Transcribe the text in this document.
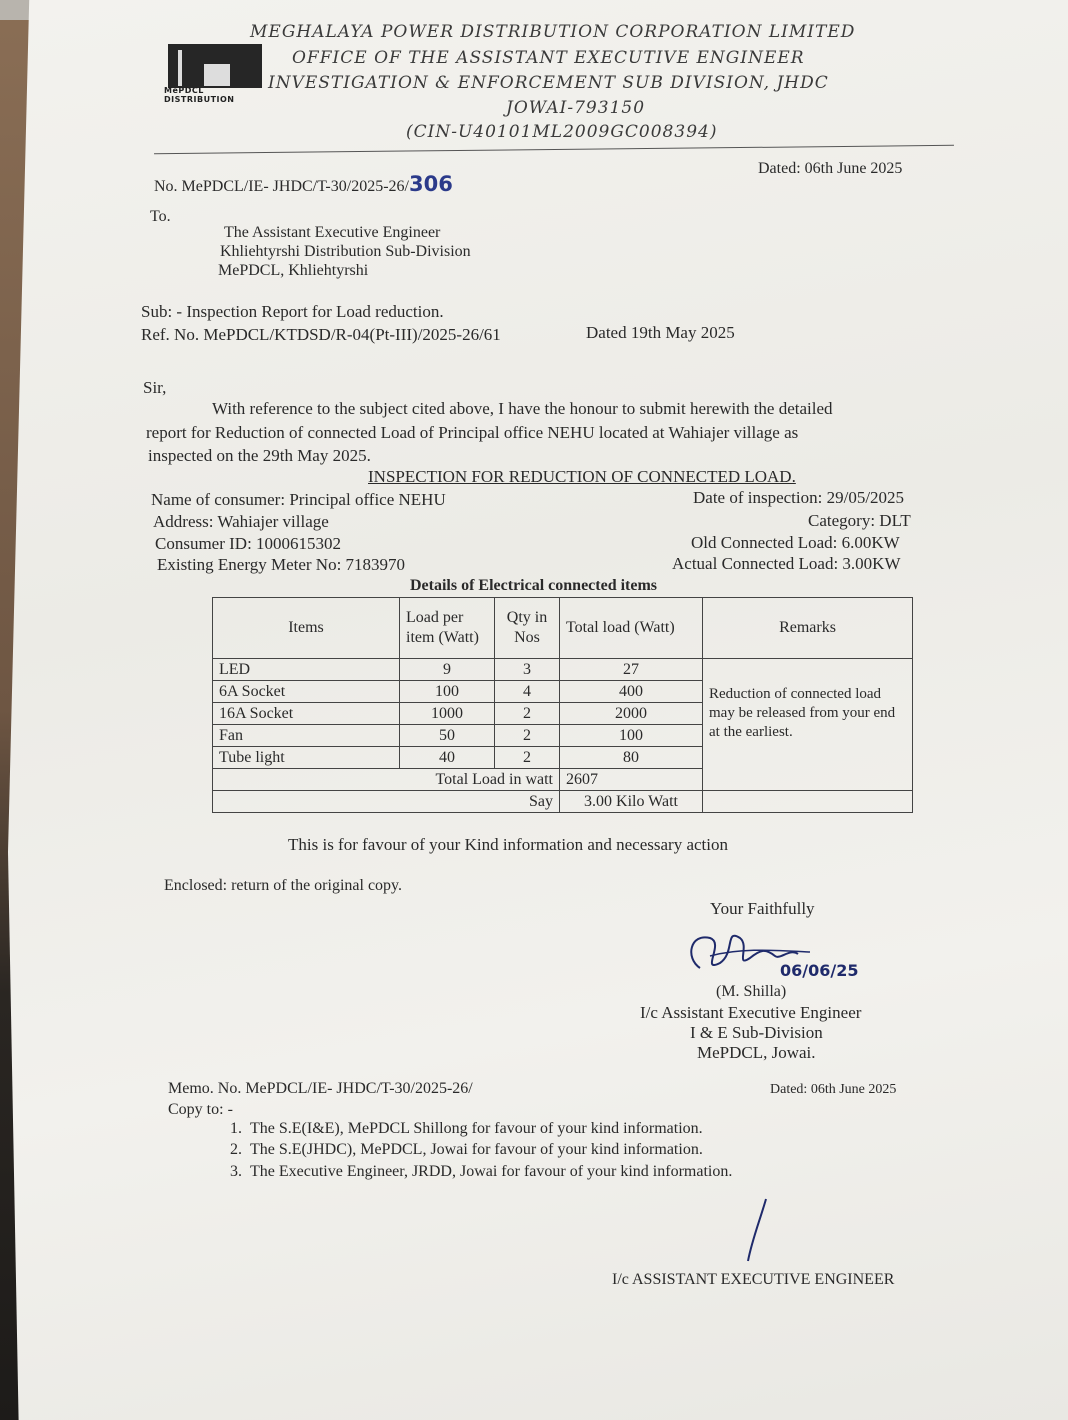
MePDCL DISTRIBUTION
MEGHALAYA POWER DISTRIBUTION CORPORATION LIMITED
OFFICE OF THE ASSISTANT EXECUTIVE ENGINEER
INVESTIGATION & ENFORCEMENT SUB DIVISION, JHDC
JOWAI-793150
(CIN-U40101ML2009GC008394)
No. MePDCL/IE- JHDC/T-30/2025-26/306
Dated: 06th June 2025
To.
The Assistant Executive Engineer
Khliehtyrshi Distribution Sub-Division
MePDCL, Khliehtyrshi
Sub: - Inspection Report for Load reduction.
Ref. No. MePDCL/KTDSD/R-04(Pt-III)/2025-26/61	Dated 19th May 2025
Sir,
With reference to the subject cited above, I have the honour to submit herewith the detailed
report for Reduction of connected Load of Principal office NEHU located at Wahiajer village as
inspected on the 29th May 2025.
INSPECTION FOR REDUCTION OF CONNECTED LOAD.
Name of consumer: Principal office NEHU
Address: Wahiajer village
Consumer ID: 1000615302
Existing Energy Meter No: 7183970
Date of inspection: 29/05/2025
Category: DLT
Old Connected Load: 6.00KW
Actual Connected Load: 3.00KW
Details of Electrical connected items
Items	Load per item (Watt)	Qty in Nos	Total load (Watt)	Remarks
LED	9	3	27	Reduction of connected load may be released from your end at the earliest.
6A Socket	100	4	400	
16A Socket	1000	2	2000	
Fan	50	2	100	
Tube light	40	2	80	
Total Load in watt			2607	
Say			3.00 Kilo Watt	
This is for favour of your Kind information and necessary action
Enclosed: return of the original copy.
Your Faithfully
06/06/25
(M. Shilla)
I/c Assistant Executive Engineer
I & E Sub-Division
MePDCL, Jowai.
Memo. No. MePDCL/IE- JHDC/T-30/2025-26/	Dated: 06th June 2025
Copy to: -
1. The S.E(I&E), MePDCL Shillong for favour of your kind information.
2. The S.E(JHDC), MePDCL, Jowai for favour of your kind information.
3. The Executive Engineer, JRDD, Jowai for favour of your kind information.
I/c ASSISTANT EXECUTIVE ENGINEER
